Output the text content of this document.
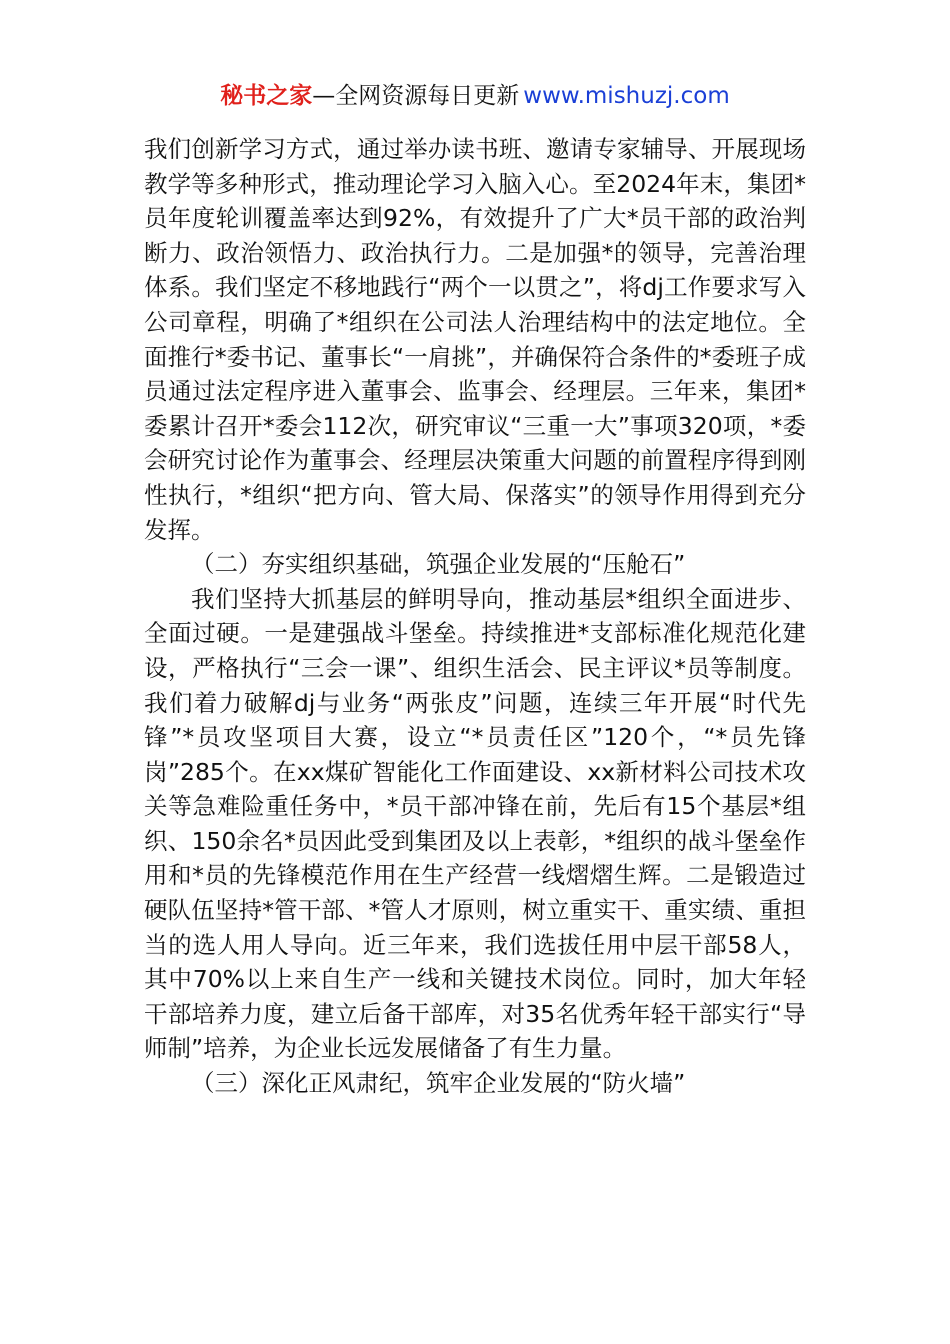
秘书之家—全网资源每日更新 www.mishuzj.com

我们创新学习方式，通过举办读书班、邀请专家辅导、开展现场教学等多种形式，推动理论学习入脑入心。至2024年末，集团*员年度轮训覆盖率达到92%，有效提升了广大*员干部的政治判断力、政治领悟力、政治执行力。二是加强*的领导，完善治理体系。我们坚定不移地践行“两个一以贯之”，将dj工作要求写入公司章程，明确了*组织在公司法人治理结构中的法定地位。全面推行*委书记、董事长“一肩挑”，并确保符合条件的*委班子成员通过法定程序进入董事会、监事会、经理层。三年来，集团*委累计召开*委会112次，研究审议“三重一大”事项320项，*委会研究讨论作为董事会、经理层决策重大问题的前置程序得到刚性执行，*组织“把方向、管大局、保落实”的领导作用得到充分发挥。

（二）夯实组织基础，筑强企业发展的“压舱石”

我们坚持大抓基层的鲜明导向，推动基层*组织全面进步、全面过硬。一是建强战斗堡垒。持续推进*支部标准化规范化建设，严格执行“三会一课”、组织生活会、民主评议*员等制度。我们着力破解dj与业务“两张皮”问题，连续三年开展“时代先锋”*员攻坚项目大赛，设立“*员责任区”120个，“*员先锋岗”285个。在xx煤矿智能化工作面建设、xx新材料公司技术攻关等急难险重任务中，*员干部冲锋在前，先后有15个基层*组织、150余名*员因此受到集团及以上表彰，*组织的战斗堡垒作用和*员的先锋模范作用在生产经营一线熠熠生辉。二是锻造过硬队伍坚持*管干部、*管人才原则，树立重实干、重实绩、重担当的选人用人导向。近三年来，我们选拔任用中层干部58人，其中70%以上来自生产一线和关键技术岗位。同时，加大年轻干部培养力度，建立后备干部库，对35名优秀年轻干部实行“导师制”培养，为企业长远发展储备了有生力量。

（三）深化正风肃纪，筑牢企业发展的“防火墙”
